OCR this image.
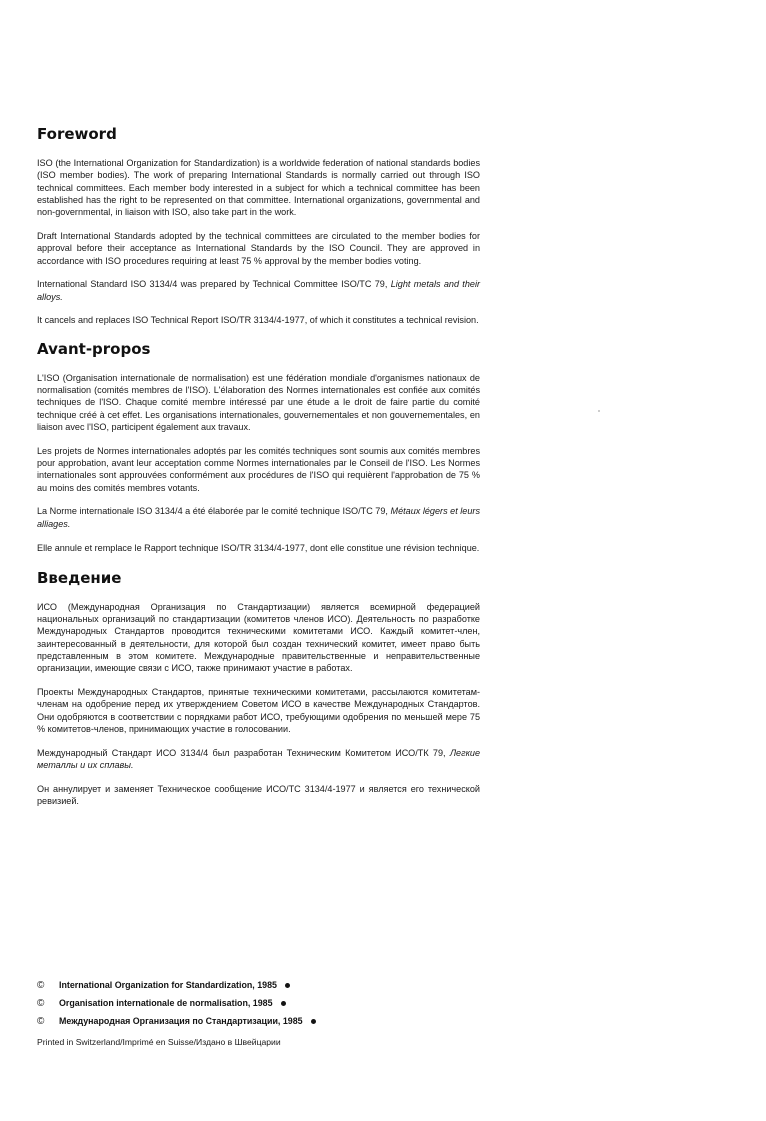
Foreword

ISO (the International Organization for Standardization) is a worldwide federation of national standards bodies (ISO member bodies). The work of preparing International Standards is normally carried out through ISO technical committees. Each member body interested in a subject for which a technical committee has been established has the right to be represented on that committee. International organizations, governmental and non-governmental, in liaison with ISO, also take part in the work.

Draft International Standards adopted by the technical committees are circulated to the member bodies for approval before their acceptance as International Standards by the ISO Council. They are approved in accordance with ISO procedures requiring at least 75 % approval by the member bodies voting.

International Standard ISO 3134/4 was prepared by Technical Committee ISO/TC 79, Light metals and their alloys.

It cancels and replaces ISO Technical Report ISO/TR 3134/4-1977, of which it constitutes a technical revision.

Avant-propos

L'ISO (Organisation internationale de normalisation) est une fédération mondiale d'organismes nationaux de normalisation (comités membres de l'ISO). L'élaboration des Normes internationales est confiée aux comités techniques de l'ISO. Chaque comité membre intéressé par une étude a le droit de faire partie du comité technique créé à cet effet. Les organisations internationales, gouvernementales et non gouvernementales, en liaison avec l'ISO, participent également aux travaux.

Les projets de Normes internationales adoptés par les comités techniques sont soumis aux comités membres pour approbation, avant leur acceptation comme Normes internationales par le Conseil de l'ISO. Les Normes internationales sont approuvées conformément aux procédures de l'ISO qui requièrent l'approbation de 75 % au moins des comités membres votants.

La Norme internationale ISO 3134/4 a été élaborée par le comité technique ISO/TC 79, Métaux légers et leurs alliages.

Elle annule et remplace le Rapport technique ISO/TR 3134/4-1977, dont elle constitue une révision technique.

Введение

ИСО (Международная Организация по Стандартизации) является всемирной федерацией национальных организаций по стандартизации (комитетов членов ИСО). Деятельность по разработке Международных Стандартов проводится техническими комитетами ИСО. Каждый комитет-член, заинтересованный в деятельности, для которой был создан технический комитет, имеет право быть представленным в этом комитете. Международные правительственные и неправительственные организации, имеющие связи с ИСО, также принимают участие в работах.

Проекты Международных Стандартов, принятые техническими комитетами, рассылаются комитетам-членам на одобрение перед их утверждением Советом ИСО в качестве Международных Стандартов. Они одобряются в соответствии с порядками работ ИСО, требующими одобрения по меньшей мере 75 % комитетов-членов, принимающих участие в голосовании.

Международный Стандарт ИСО 3134/4 был разработан Техническим Комитетом ИСО/ТК 79, Легкие металлы и их сплавы.

Он аннулирует и заменяет Техническое сообщение ИСО/ТС 3134/4-1977 и является его технической ревизией.

©	International Organization for Standardization, 1985
©	Organisation internationale de normalisation, 1985
©	Международная Организация по Стандартизации, 1985
Printed in Switzerland/Imprimé en Suisse/Издано в Швейцарии
